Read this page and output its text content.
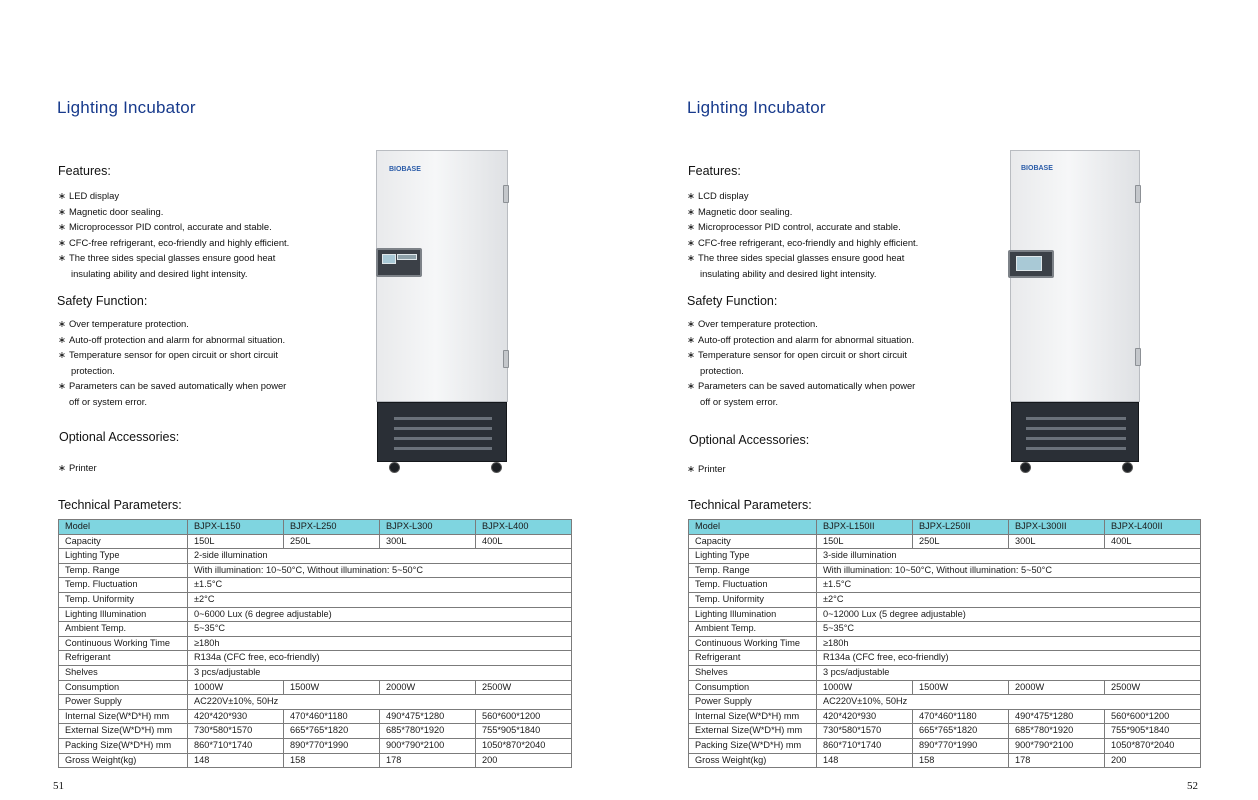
Lighting Incubator
Features:
∗ LED display
∗ Magnetic door sealing.
∗ Microprocessor PID control, accurate and stable.
∗ CFC-free refrigerant, eco-friendly and highly efficient.
∗ The three sides special glasses ensure good heat
insulating ability and desired light intensity.
Safety Function:
∗ Over temperature protection.
∗ Auto-off protection and alarm for abnormal situation.
∗ Temperature sensor for open circuit or short circuit
protection.
∗ Parameters can be saved automatically when power
off or system error.
Optional Accessories:
∗ Printer
BIOBASE
Technical Parameters:
Model	BJPX-L150	BJPX-L250	BJPX-L300	BJPX-L400
Capacity	150L	250L	300L	400L
Lighting Type	2-side illumination			
Temp. Range	With illumination: 10~50°C, Without illumination: 5~50°C			
Temp. Fluctuation	±1.5°C			
Temp. Uniformity	±2°C			
Lighting Illumination	0~6000 Lux (6 degree adjustable)			
Ambient Temp.	5~35°C			
Continuous Working Time	≥180h			
Refrigerant	R134a (CFC free, eco-friendly)			
Shelves	3 pcs/adjustable			
Consumption	1000W	1500W	2000W	2500W
Power Supply	AC220V±10%, 50Hz			
Internal Size(W*D*H) mm	420*420*930	470*460*1180	490*475*1280	560*600*1200
External Size(W*D*H) mm	730*580*1570	665*765*1820	685*780*1920	755*905*1840
Packing Size(W*D*H) mm	860*710*1740	890*770*1990	900*790*2100	1050*870*2040
Gross Weight(kg)	148	158	178	200
51
Lighting Incubator
Features:
∗ LCD display
∗ Magnetic door sealing.
∗ Microprocessor PID control, accurate and stable.
∗ CFC-free refrigerant, eco-friendly and highly efficient.
∗ The three sides special glasses ensure good heat
insulating ability and desired light intensity.
Safety Function:
∗ Over temperature protection.
∗ Auto-off protection and alarm for abnormal situation.
∗ Temperature sensor for open circuit or short circuit
protection.
∗ Parameters can be saved automatically when power
off or system error.
Optional Accessories:
∗ Printer
BIOBASE
Technical Parameters:
Model	BJPX-L150II	BJPX-L250II	BJPX-L300II	BJPX-L400II
Capacity	150L	250L	300L	400L
Lighting Type	3-side illumination			
Temp. Range	With illumination: 10~50°C, Without illumination: 5~50°C			
Temp. Fluctuation	±1.5°C			
Temp. Uniformity	±2°C			
Lighting Illumination	0~12000 Lux (5 degree adjustable)			
Ambient Temp.	5~35°C			
Continuous Working Time	≥180h			
Refrigerant	R134a (CFC free, eco-friendly)			
Shelves	3 pcs/adjustable			
Consumption	1000W	1500W	2000W	2500W
Power Supply	AC220V±10%, 50Hz			
Internal Size(W*D*H) mm	420*420*930	470*460*1180	490*475*1280	560*600*1200
External Size(W*D*H) mm	730*580*1570	665*765*1820	685*780*1920	755*905*1840
Packing Size(W*D*H) mm	860*710*1740	890*770*1990	900*790*2100	1050*870*2040
Gross Weight(kg)	148	158	178	200
52
